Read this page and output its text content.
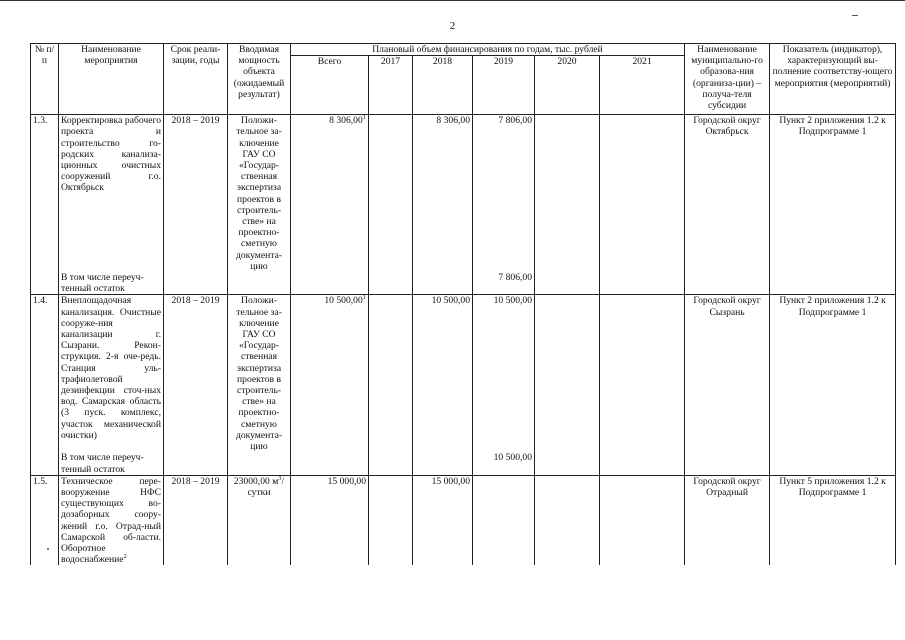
2
№ п/п	Наименование мероприятия	Срок реали-зации, годы	Вводимая мощность объекта (ожидаемый результат)	Плановый объем финансирования по годам, тыс. рублей						Наименование муниципально-го образова-ния (организа-ции) – получа-теля субсидии	Показатель (индикатор), характеризующий вы-полнение соответству-ющего мероприятия (мероприятий)
				Всего	2017	2018	2019	2020	2021		
1.3.	Корректировка рабочего проекта и строительство го-родских канализа-ционных очистных сооружений г.о. Октябрьск	2018 – 2019	Положи-тельное за-ключение ГАУ СО «Государ-ственная экспертиза проектов в строитель-стве» на проектно-сметную документа-цию	8 306,00$^1$		8 306,00	7 806,00			Городской округ Октябрьск	Пункт 2 приложения 1.2 к Подпрограмме 1
	В том числе переуч-тенный остаток						7 806,00				
1.4.	Внеплощадочная канализация. Очистные сооруже-ния канализации г. Сызрани. Рекон-струкция. 2-я оче-редь. Станция уль-трафиолетовой дезинфекции сточ-ных вод. Самарская область (3 пуск. комплекс, участок механической очистки)	2018 – 2019	Положи-тельное за-ключение ГАУ СО «Государ-ственная экспертиза проектов в строитель-стве» на проектно-сметную документа-цию	10 500,00$^1$		10 500,00	10 500,00			Городской округ Сызрань	Пункт 2 приложения 1.2 к Подпрограмме 1
	В том числе переуч-тенный остаток						10 500,00				
1.5.	Техническое пере-вооружение НФС существующих во-дозаборных соору-жений г.о. Отрад-ный Самарской об-ласти. Оборотное водоснабжение$^2$	2018 – 2019	23000,00 $м^3$/сутки	15 000,00		15 000,00				Городской округ Отрадный	Пункт 5 приложения 1.2 к Подпрограмме 1
